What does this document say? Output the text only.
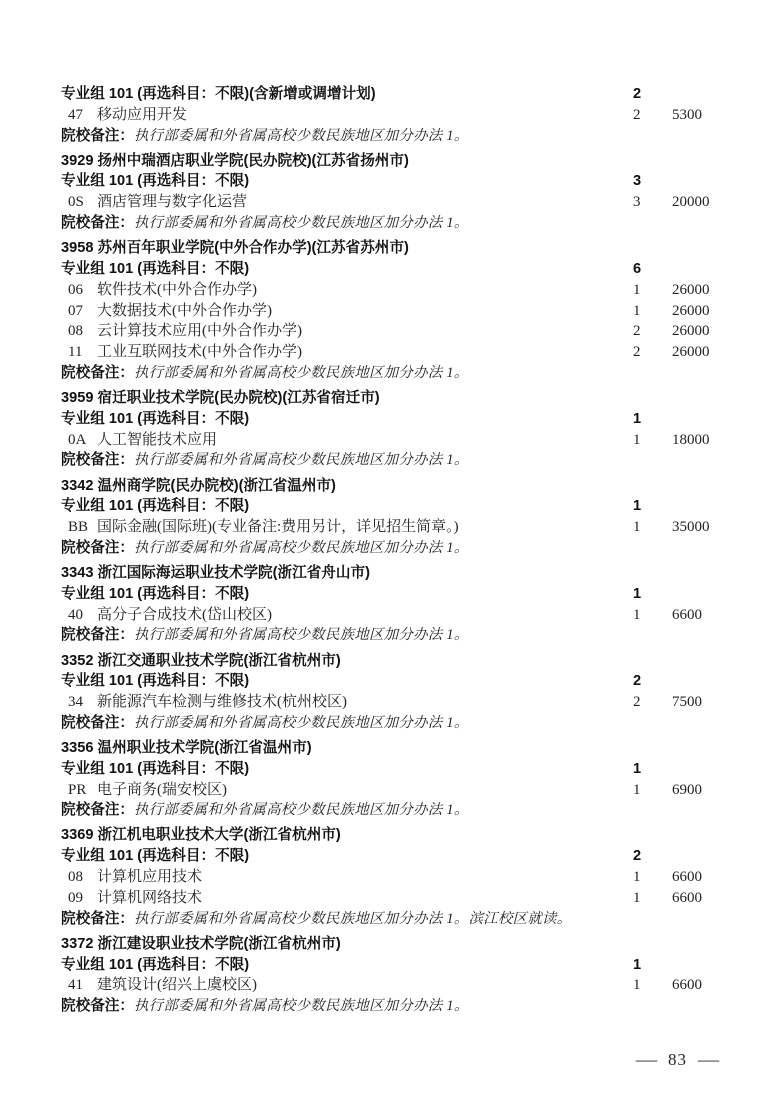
专业组 101 (再选科目：不限)(含新增或调增计划)	2
47 移动应用开发	2 5300
院校备注：执行部委属和外省属高校少数民族地区加分办法 1。
3929 扬州中瑞酒店职业学院(民办院校)(江苏省扬州市)
专业组 101 (再选科目：不限)	3
0S 酒店管理与数字化运营	3 20000
院校备注：执行部委属和外省属高校少数民族地区加分办法 1。
3958 苏州百年职业学院(中外合作办学)(江苏省苏州市)
专业组 101 (再选科目：不限)	6
06 软件技术(中外合作办学)	1 26000
07 大数据技术(中外合作办学)	1 26000
08 云计算技术应用(中外合作办学)	2 26000
11 工业互联网技术(中外合作办学)	2 26000
院校备注：执行部委属和外省属高校少数民族地区加分办法 1。
3959 宿迁职业技术学院(民办院校)(江苏省宿迁市)
专业组 101 (再选科目：不限)	1
0A 人工智能技术应用	1 18000
院校备注：执行部委属和外省属高校少数民族地区加分办法 1。
3342 温州商学院(民办院校)(浙江省温州市)
专业组 101 (再选科目：不限)	1
BB 国际金融(国际班)(专业备注:费用另计，详见招生简章。)	1 35000
院校备注：执行部委属和外省属高校少数民族地区加分办法 1。
3343 浙江国际海运职业技术学院(浙江省舟山市)
专业组 101 (再选科目：不限)	1
40 高分子合成技术(岱山校区)	1 6600
院校备注：执行部委属和外省属高校少数民族地区加分办法 1。
3352 浙江交通职业技术学院(浙江省杭州市)
专业组 101 (再选科目：不限)	2
34 新能源汽车检测与维修技术(杭州校区)	2 7500
院校备注：执行部委属和外省属高校少数民族地区加分办法 1。
3356 温州职业技术学院(浙江省温州市)
专业组 101 (再选科目：不限)	1
PR 电子商务(瑞安校区)	1 6900
院校备注：执行部委属和外省属高校少数民族地区加分办法 1。
3369 浙江机电职业技术大学(浙江省杭州市)
专业组 101 (再选科目：不限)	2
08 计算机应用技术	1 6600
09 计算机网络技术	1 6600
院校备注：执行部委属和外省属高校少数民族地区加分办法 1。滨江校区就读。
3372 浙江建设职业技术学院(浙江省杭州市)
专业组 101 (再选科目：不限)	1
41 建筑设计(绍兴上虞校区)	1 6600
院校备注：执行部委属和外省属高校少数民族地区加分办法 1。
— 83 —
